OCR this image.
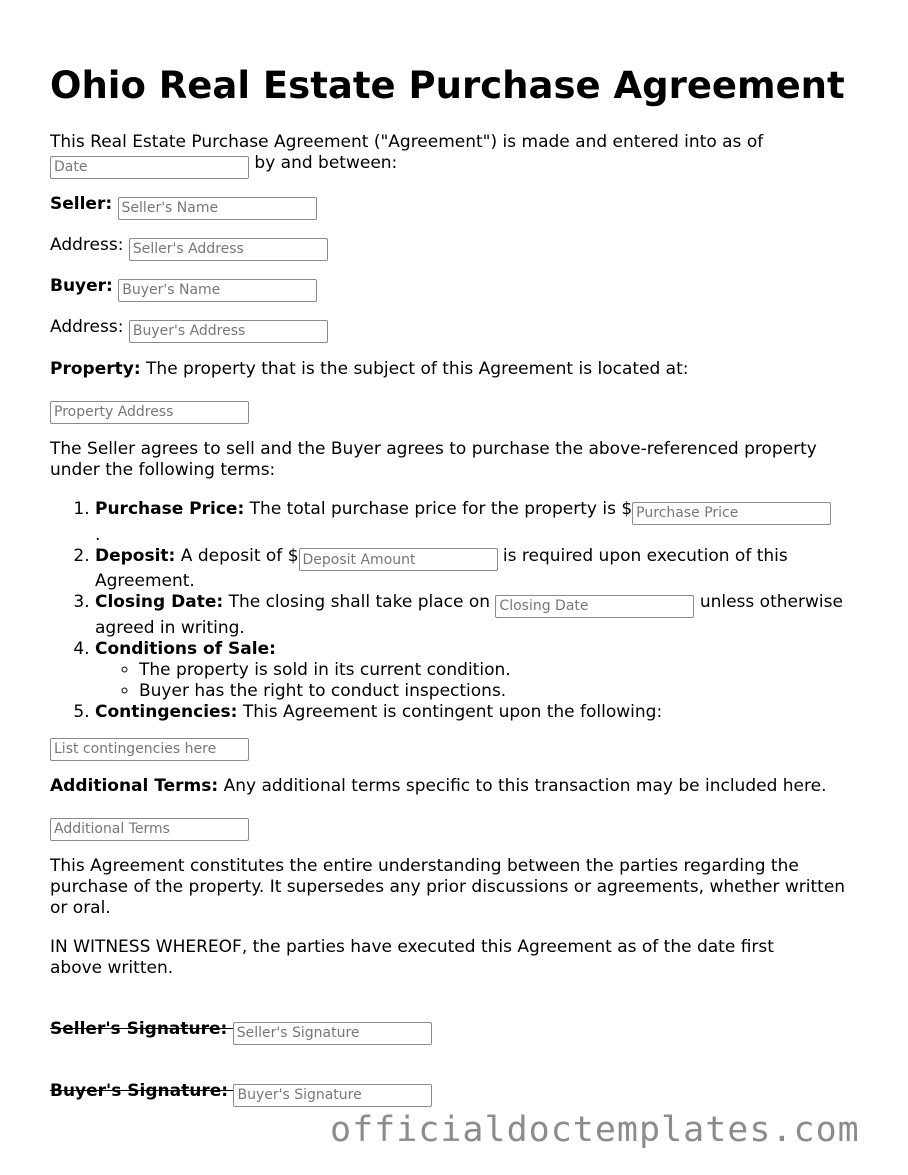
Ohio Real Estate Purchase Agreement

This Real Estate Purchase Agreement ("Agreement") is made and entered into as of
Date by and between:

Seller: Seller's Name

Address: Seller's Address

Buyer: Buyer's Name

Address: Buyer's Address

Property: The property that is the subject of this Agreement is located at:

Property Address

The Seller agrees to sell and the Buyer agrees to purchase the above-referenced property under the following terms:

1. Purchase Price: The total purchase price for the property is $Purchase Price
.
2. Deposit: A deposit of $Deposit Amount	is required upon execution of this Agreement.
3. Closing Date: The closing shall take place on Closing Date	unless otherwise agreed in writing.
4. Conditions of Sale:
◦ The property is sold in its current condition.
◦ Buyer has the right to conduct inspections.
5. Contingencies: This Agreement is contingent upon the following:

List contingencies here

Additional Terms: Any additional terms specific to this transaction may be included here.

Additional Terms

This Agreement constitutes the entire understanding between the parties regarding the purchase of the property. It supersedes any prior discussions or agreements, whether written or oral.

IN WITNESS WHEREOF, the parties have executed this Agreement as of the date first above written.

Seller's Signature: Seller's Signature

Buyer's Signature: Buyer's Signature

officialdoctemplates.com
